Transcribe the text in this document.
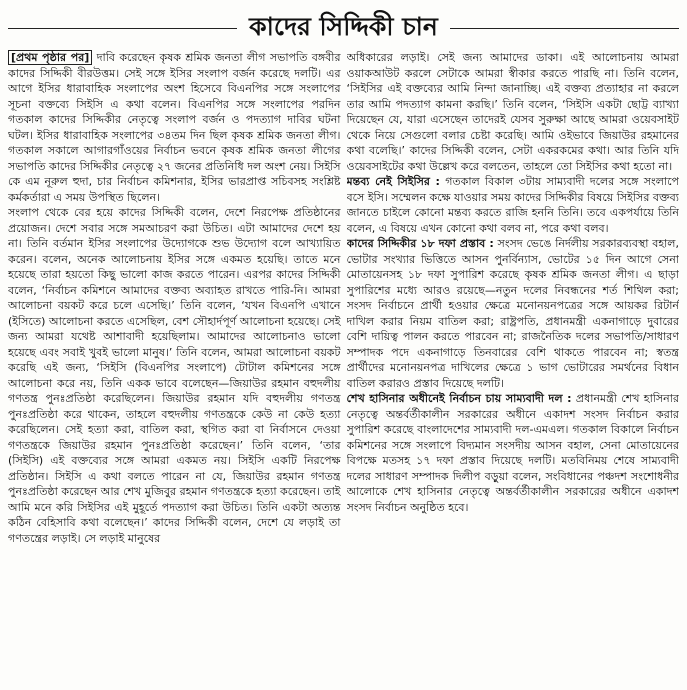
কাদের সিদ্দিকী চান

[প্রথম পৃষ্ঠার পর] দাবি করেছেন কৃষক শ্রমিক জনতা লীগ সভাপতি বঙ্গবীর কাদের সিদ্দিকী বীরউত্তম। সেই সঙ্গে ইসির সংলাপ বর্জন করেছে দলটি। এর আগে ইসির ধারাবাহিক সংলাপের অংশ হিসেবে বিএনপির সঙ্গে সংলাপের সূচনা বক্তব্যে সিইসি এ কথা বলেন। বিএনপির সঙ্গে সংলাপের পরদিন গতকাল কাদের সিদ্দিকীর নেতৃত্বে সংলাপ বর্জন ও পদত্যাগ দাবির ঘটনা ঘটল। ইসির ধারাবাহিক সংলাপের ৩৪তম দিন ছিল কৃষক শ্রমিক জনতা লীগ। গতকাল সকালে আগারগাঁওয়ের নির্বাচন ভবনে কৃষক শ্রমিক জনতা লীগের সভাপতি কাদের সিদ্দিকীর নেতৃত্বে ২৭ জনের প্রতিনিধি দল অংশ নেয়। সিইসি কে এম নূরুল হুদা, চার নির্বাচন কমিশনার, ইসির ভারপ্রাপ্ত সচিবসহ সংশ্লিষ্ট কর্মকর্তারা এ সময় উপস্থিত ছিলেন।

সংলাপ থেকে বের হয়ে কাদের সিদ্দিকী বলেন, দেশে নিরপেক্ষ প্রতিষ্ঠানের প্রয়োজন। দেশে সবার সঙ্গে সমআচরণ করা উচিত। এটা আমাদের দেশে হয় না। তিনি বর্তমান ইসির সংলাপের উদ্যোগকে শুভ উদ্যোগ বলে আখ্যায়িত করেন। বলেন, অনেক আলোচনায় ইসির সঙ্গে একমত হয়েছি। তাতে মনে হয়েছে তারা হয়তো কিছু ভালো কাজ করতে পারেন। এরপর কাদের সিদ্দিকী বলেন, ‘নির্বাচন কমিশনে আমাদের বক্তব্য অব্যাহত রাখতে পারি-নি। আমরা আলোচনা বয়কট করে চলে এসেছি।’ তিনি বলেন, ‘যখন বিএনপি এখানে (ইসিতে) আলোচনা করতে এসেছিল, বেশ সৌহার্দপূর্ণ আলোচনা হয়েছে। সেই জন্য আমরা যথেষ্ট আশাবাদী হয়েছিলাম। আমাদের আলোচনাও ভালো হয়েছে এবং সবাই খুবই ভালো মানুষ।’ তিনি বলেন, আমরা আলোচনা বয়কট করেছি এই জন্য, ‘সিইসি (বিএনপির সংলাপে) টোটাল কমিশনের সঙ্গে আলোচনা করে নয়, তিনি একক ভাবে বলেছেন—জিয়াউর রহমান বহুদলীয় গণতন্ত্র পুনঃপ্রতিষ্ঠা করেছিলেন। জিয়াউর রহমান যদি বহুদলীয় গণতন্ত্র পুনঃপ্রতিষ্ঠা করে থাকেন, তাহলে বহুদলীয় গণতন্ত্রকে কেউ না কেউ হত্যা করেছিলেন। সেই হত্যা করা, বাতিল করা, স্থগিত করা বা নির্বাসনে দেওয়া গণতন্ত্রকে জিয়াউর রহমান পুনঃপ্রতিষ্ঠা করেছেন।’ তিনি বলেন, ‘তার (সিইসি) এই বক্তব্যের সঙ্গে আমরা একমত নয়। সিইসি একটি নিরপেক্ষ প্রতিষ্ঠান। সিইসি এ কথা বলতে পারেন না যে, জিয়াউর রহমান গণতন্ত্র পুনঃপ্রতিষ্ঠা করেছেন আর শেখ মুজিবুর রহমান গণতন্ত্রকে হত্যা করেছেন। তাই আমি মনে করি সিইসির এই মুহূর্তে পদত্যাগ করা উচিত। তিনি একটা অত্যন্ত কঠিন বেহিসাবি কথা বলেছেন।’ কাদের সিদ্দিকী বলেন, দেশে যে লড়াই তা গণতন্ত্রের লড়াই। সে লড়াই মানুষের

অধিকারের লড়াই। সেই জন্য আমাদের ডাকা। এই আলোচনায় আমরা ওয়াকআউট করলে সেটাকে আমরা স্বীকার করতে পারছি না। তিনি বলেন, ‘সিইসির এই বক্তব্যের আমি নিন্দা জানাচ্ছি। এই বক্তব্য প্রত্যাহার না করলে তার আমি পদত্যাগ কামনা করছি।’ তিনি বলেন, ‘সিইসি একটা ছোট্ট ব্যাখ্যা দিয়েছেন যে, যারা এসেছেন তাদেরই যেসব সুরুক্ষা আছে আমরা ওয়েবসাইট থেকে নিয়ে সেগুলো বলার চেষ্টা করেছি। আমি ওইভাবে জিয়াউর রহমানের কথা বলেছি।’ কাদের সিদ্দিকী বলেন, সেটা একরকমের কথা। আর তিনি যদি ওয়েবসাইটের কথা উল্লেখ করে বলতেন, তাহলে তো সিইসির কথা হতো না।

মন্তব্য নেই সিইসির : গতকাল বিকাল ৩টায় সাম্যবাদী দলের সঙ্গে সংলাপে বসে ইসি। সম্মেলন কক্ষে যাওয়ার সময় কাদের সিদ্দিকীর বিষয়ে সিইসির বক্তব্য জানতে চাইলে কোনো মন্তব্য করতে রাজি হননি তিনি। তবে একপর্যায়ে তিনি বলেন, এ বিষয়ে এখন কোনো কথা বলব না, পরে কথা বলব।

কাদের সিদ্দিকীর ১৮ দফা প্রস্তাব : সংসদ ভেঙে নির্দলীয় সরকারব্যবস্থা বহাল, ভোটার সংখ্যার ভিত্তিতে আসন পুনর্বিন্যাস, ভোটের ১৫ দিন আগে সেনা মোতায়েনসহ ১৮ দফা সুপারিশ করেছে কৃষক শ্রমিক জনতা লীগ। এ ছাড়া সুপারিশের মধ্যে আরও রয়েছে—নতুন দলের নিবন্ধনের শর্ত শিথিল করা; সংসদ নির্বাচনে প্রার্থী হওয়ার ক্ষেত্রে মনোনয়নপত্রের সঙ্গে আয়কর রিটার্ন দাখিল করার নিয়ম বাতিল করা; রাষ্ট্রপতি, প্রধানমন্ত্রী একনাগাড়ে দুবারের বেশি দায়িত্ব পালন করতে পারবেন না; রাজনৈতিক দলের সভাপতি/সাধারণ সম্পাদক পদে একনাগাড়ে তিনবারের বেশি থাকতে পারবেন না; স্বতন্ত্র প্রার্থীদের মনোনয়নপত্র দাখিলের ক্ষেত্রে ১ ভাগ ভোটারের সমর্থনের বিধান বাতিল করারও প্রস্তাব দিয়েছে দলটি।

শেখ হাসিনার অধীনেই নির্বাচন চায় সাম্যবাদী দল : প্রধানমন্ত্রী শেখ হাসিনার নেতৃত্বে অন্তর্বর্তীকালীন সরকারের অধীনে একাদশ সংসদ নির্বাচন করার সুপারিশ করেছে বাংলাদেশের সাম্যবাদী দল-এমএল। গতকাল বিকালে নির্বাচন কমিশনের সঙ্গে সংলাপে বিদ্যমান সংসদীয় আসন বহাল, সেনা মোতায়েনের বিপক্ষে মতসহ ১৭ দফা প্রস্তাব দিয়েছে দলটি। মতবিনিময় শেষে সাম্যবাদী দলের সাধারণ সম্পাদক দিলীপ বড়ুয়া বলেন, সংবিধানের পঞ্চদশ সংশোধনীর আলোকে শেখ হাসিনার নেতৃত্বে অন্তর্বর্তীকালীন সরকারের অধীনে একাদশ সংসদ নির্বাচন অনুষ্ঠিত হবে।
